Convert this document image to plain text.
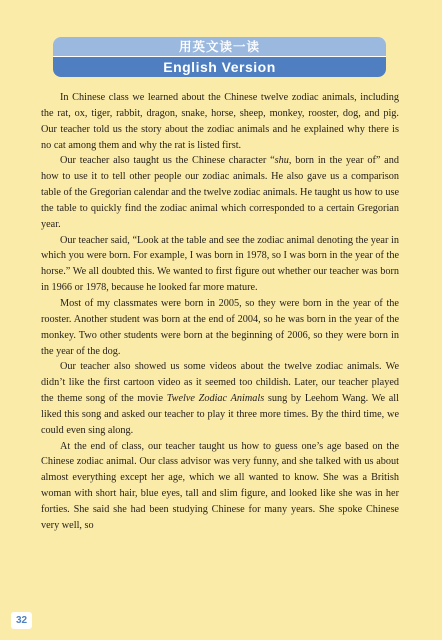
用英文读一读
English Version

In Chinese class we learned about the Chinese twelve zodiac animals, including the rat, ox, tiger, rabbit, dragon, snake, horse, sheep, monkey, rooster, dog, and pig. Our teacher told us the story about the zodiac animals and he explained why there is no cat among them and why the rat is listed first.

Our teacher also taught us the Chinese character “shu, born in the year of” and how to use it to tell other people our zodiac animals. He also gave us a comparison table of the Gregorian calendar and the twelve zodiac animals. He taught us how to use the table to quickly find the zodiac animal which corresponded to a certain Gregorian year.

Our teacher said, “Look at the table and see the zodiac animal denoting the year in which you were born. For example, I was born in 1978, so I was born in the year of the horse.” We all doubted this. We wanted to first figure out whether our teacher was born in 1966 or 1978, because he looked far more mature.

Most of my classmates were born in 2005, so they were born in the year of the rooster. Another student was born at the end of 2004, so he was born in the year of the monkey. Two other students were born at the beginning of 2006, so they were born in the year of the dog.

Our teacher also showed us some videos about the twelve zodiac animals. We didn’t like the first cartoon video as it seemed too childish. Later, our teacher played the theme song of the movie Twelve Zodiac Animals sung by Leehom Wang. We all liked this song and asked our teacher to play it three more times. By the third time, we could even sing along.

At the end of class, our teacher taught us how to guess one’s age based on the Chinese zodiac animal. Our class advisor was very funny, and she talked with us about almost everything except her age, which we all wanted to know. She was a British woman with short hair, blue eyes, tall and slim figure, and looked like she was in her forties. She said she had been studying Chinese for many years. She spoke Chinese very well, so

32
